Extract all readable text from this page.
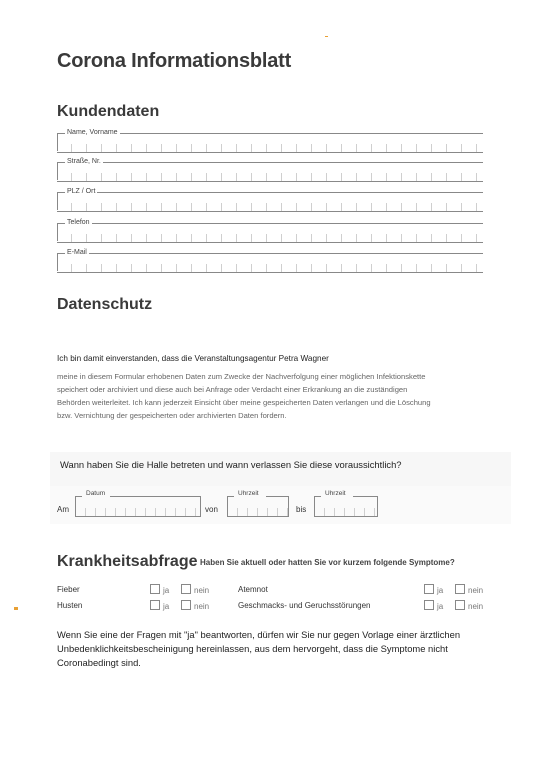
Corona Informationsblatt
Kundendaten
Name, Vorname
Straße, Nr.
PLZ / Ort
Telefon
E-Mail
Datenschutz
Ich bin damit einverstanden, dass die Veranstaltungsagentur Petra Wagner
meine in diesem Formular erhobenen Daten zum Zwecke der Nachverfolgung einer möglichen Infektionskette
speichert oder archiviert und diese auch bei Anfrage oder Verdacht einer Erkrankung an die zuständigen
Behörden weiterleitet. Ich kann jederzeit Einsicht über meine gespeicherten Daten verlangen und die Löschung
bzw. Vernichtung der gespeicherten oder archivierten Daten fordern.
Wann haben Sie die Halle betreten und wann verlassen Sie diese voraussichtlich?
Am
Datum
von
Uhrzeit
bis
Uhrzeit
Krankheitsabfrage Haben Sie aktuell oder hatten Sie vor kurzem folgende Symptome?
Fieber	ja	nein	Atemnot	ja	nein
Husten	ja	nein	Geschmacks- und Geruchsstörungen	ja	nein
Wenn Sie eine der Fragen mit "ja" beantworten, dürfen wir Sie nur gegen Vorlage einer ärztlichen
Unbedenklichkeitsbescheinigung hereinlassen, aus dem hervorgeht, dass die Symptome nicht
Coronabedingt sind.
